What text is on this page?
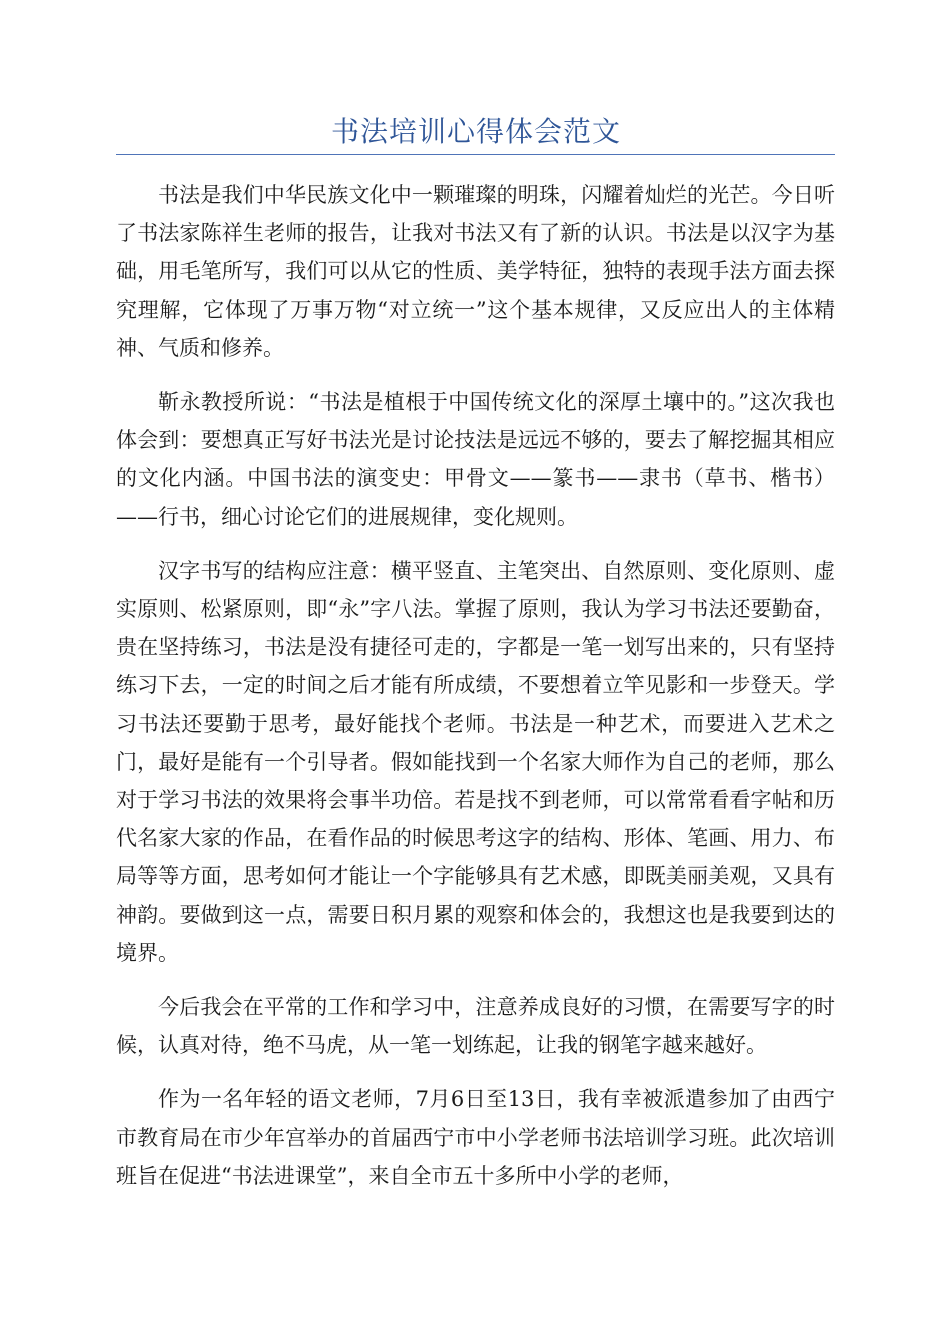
书法培训心得体会范文

书法是我们中华民族文化中一颗璀璨的明珠，闪耀着灿烂的光芒。今日听了书法家陈祥生老师的报告，让我对书法又有了新的认识。书法是以汉字为基础，用毛笔所写，我们可以从它的性质、美学特征，独特的表现手法方面去探究理解，它体现了万事万物“对立统一”这个基本规律，又反应出人的主体精神、气质和修养。

靳永教授所说：“书法是植根于中国传统文化的深厚土壤中的。”这次我也体会到：要想真正写好书法光是讨论技法是远远不够的，要去了解挖掘其相应的文化内涵。中国书法的演变史：甲骨文——篆书——隶书（草书、楷书）——行书，细心讨论它们的进展规律，变化规则。

汉字书写的结构应注意：横平竖直、主笔突出、自然原则、变化原则、虚实原则、松紧原则，即“永”字八法。掌握了原则，我认为学习书法还要勤奋，贵在坚持练习，书法是没有捷径可走的，字都是一笔一划写出来的，只有坚持练习下去，一定的时间之后才能有所成绩，不要想着立竿见影和一步登天。学习书法还要勤于思考，最好能找个老师。书法是一种艺术，而要进入艺术之门，最好是能有一个引导者。假如能找到一个名家大师作为自己的老师，那么对于学习书法的效果将会事半功倍。若是找不到老师，可以常常看看字帖和历代名家大家的作品，在看作品的时候思考这字的结构、形体、笔画、用力、布局等等方面，思考如何才能让一个字能够具有艺术感，即既美丽美观，又具有神韵。要做到这一点，需要日积月累的观察和体会的，我想这也是我要到达的境界。

今后我会在平常的工作和学习中，注意养成良好的习惯，在需要写字的时候，认真对待，绝不马虎，从一笔一划练起，让我的钢笔字越来越好。

作为一名年轻的语文老师，7月6日至13日，我有幸被派遣参加了由西宁市教育局在市少年宫举办的首届西宁市中小学老师书法培训学习班。此次培训班旨在促进“书法进课堂”，来自全市五十多所中小学的老师，
